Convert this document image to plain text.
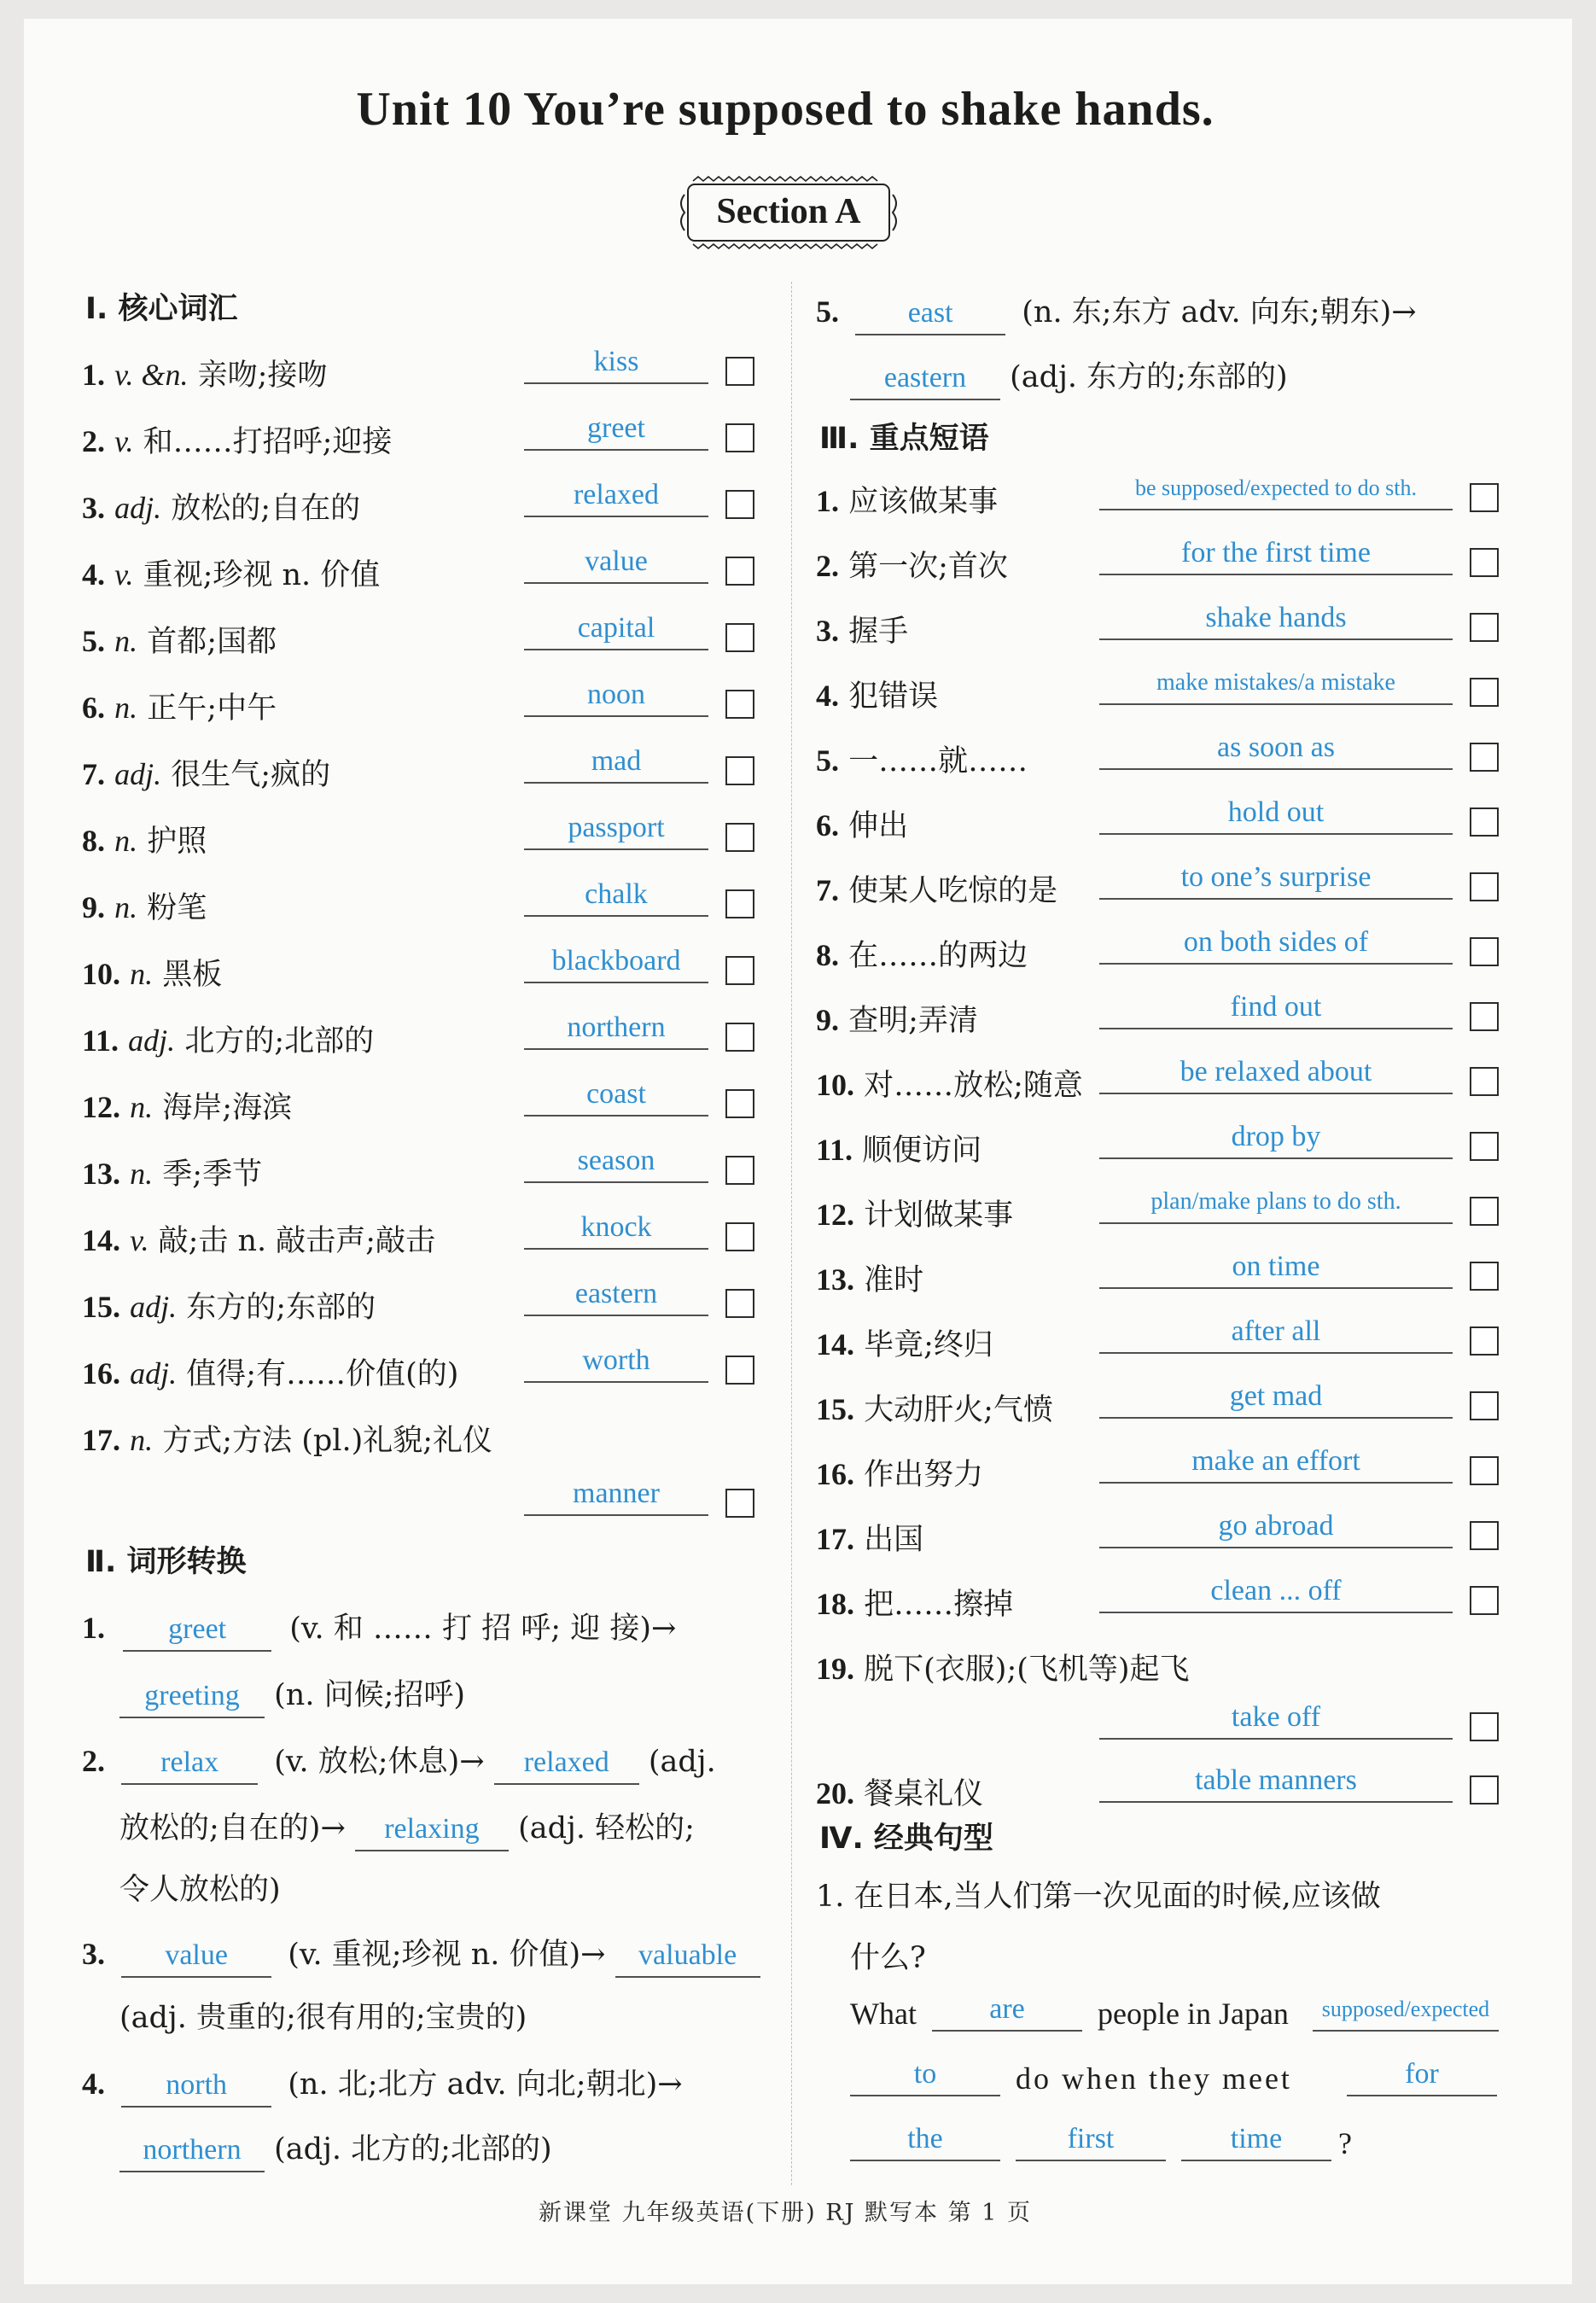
Unit 10 You’re supposed to shake hands.
Section A
Ⅰ. 核心词汇
1. v. &n. 亲吻;接吻	kiss
2. v. 和……打招呼;迎接	greet
3. adj. 放松的;自在的	relaxed
4. v. 重视;珍视 n. 价值	value
5. n. 首都;国都	capital
6. n. 正午;中午	noon
7. adj. 很生气;疯的	mad
8. n. 护照	passport
9. n. 粉笔	chalk
10. n. 黑板	blackboard
11. adj. 北方的;北部的	northern
12. n. 海岸;海滨	coast
13. n. 季;季节	season
14. v. 敲;击 n. 敲击声;敲击	knock
15. adj. 东方的;东部的	eastern
16. adj. 值得;有……价值(的)	worth
17. n. 方式;方法 (pl.)礼貌;礼仪
manner
Ⅱ. 词形转换
1. greet (v. 和 …… 打 招 呼; 迎 接)→
greeting (n. 问候;招呼)
2. relax (v. 放松;休息)→ relaxed (adj.
放松的;自在的)→ relaxing (adj. 轻松的;
令人放松的)
3. value (v. 重视;珍视 n. 价值)→ valuable
(adj. 贵重的;很有用的;宝贵的)
4. north (n. 北;北方 adv. 向北;朝北)→
northern (adj. 北方的;北部的)
5. east (n. 东;东方 adv. 向东;朝东)→
eastern (adj. 东方的;东部的)
Ⅲ. 重点短语
1. 应该做某事	be supposed/expected to do sth.
2. 第一次;首次	for the first time
3. 握手	shake hands
4. 犯错误	make mistakes/a mistake
5. 一……就……	as soon as
6. 伸出	hold out
7. 使某人吃惊的是	to one’s surprise
8. 在……的两边	on both sides of
9. 查明;弄清	find out
10. 对……放松;随意	be relaxed about
11. 顺便访问	drop by
12. 计划做某事	plan/make plans to do sth.
13. 准时	on time
14. 毕竟;终归	after all
15. 大动肝火;气愤	get mad
16. 作出努力	make an effort
17. 出国	go abroad
18. 把……擦掉	clean ... off
19. 脱下(衣服);(飞机等)起飞
take off
20. 餐桌礼仪	table manners
Ⅳ. 经典句型
1. 在日本,当人们第一次见面的时候,应该做
什么?
What	are	people in Japan	supposed/expected
to	do when they meet	for
the	first	time	?
新课堂 九年级英语(下册) RJ 默写本 第 1 页
